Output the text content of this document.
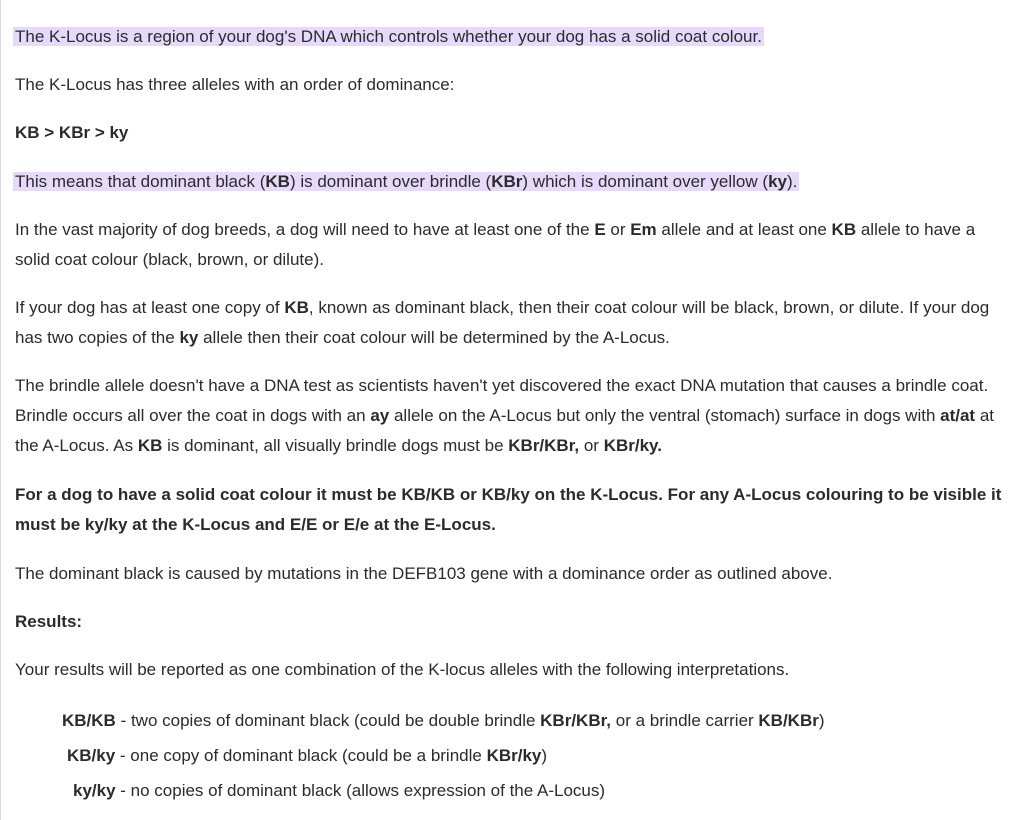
The K-Locus is a region of your dog's DNA which controls whether your dog has a solid coat colour.

The K-Locus has three alleles with an order of dominance:

KB > KBr > ky

This means that dominant black (KB) is dominant over brindle (KBr) which is dominant over yellow (ky).

In the vast majority of dog breeds, a dog will need to have at least one of the E or Em allele and at least one KB allele to have a solid coat colour (black, brown, or dilute).

If your dog has at least one copy of KB, known as dominant black, then their coat colour will be black, brown, or dilute. If your dog has two copies of the ky allele then their coat colour will be determined by the A-Locus.

The brindle allele doesn't have a DNA test as scientists haven't yet discovered the exact DNA mutation that causes a brindle coat. Brindle occurs all over the coat in dogs with an ay allele on the A-Locus but only the ventral (stomach) surface in dogs with at/at at the A-Locus. As KB is dominant, all visually brindle dogs must be KBr/KBr, or KBr/ky.

For a dog to have a solid coat colour it must be KB/KB or KB/ky on the K-Locus. For any A-Locus colouring to be visible it must be ky/ky at the K-Locus and E/E or E/e at the E-Locus.

The dominant black is caused by mutations in the DEFB103 gene with a dominance order as outlined above.

Results:

Your results will be reported as one combination of the K-locus alleles with the following interpretations.

KB/KB - two copies of dominant black (could be double brindle KBr/KBr, or a brindle carrier KB/KBr)
KB/ky - one copy of dominant black (could be a brindle KBr/ky)
ky/ky - no copies of dominant black (allows expression of the A-Locus)
